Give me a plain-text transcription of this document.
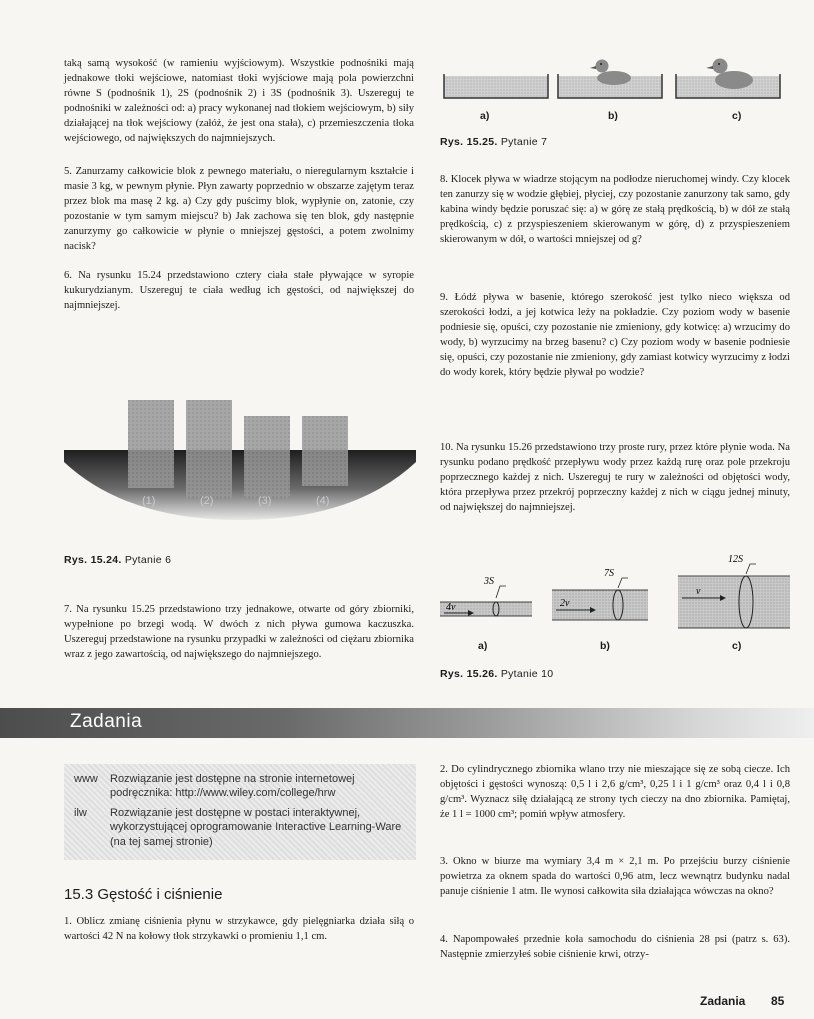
taką samą wysokość (w ramieniu wyjściowym). Wszystkie podnośniki mają jednakowe tłoki wejściowe, natomiast tłoki wyjściowe mają pola powierzchni równe S (podnośnik 1), 2S (podnośnik 2) i 3S (podnośnik 3). Uszereguj te podnośniki w zależności od: a) pracy wykonanej nad tłokiem wejściowym, b) siły działającej na tłok wejściowy (załóż, że jest ona stała), c) przemieszczenia tłoka wejściowego, od największych do najmniejszych.

5. Zanurzamy całkowicie blok z pewnego materiału, o nieregularnym kształcie i masie 3 kg, w pewnym płynie. Płyn zawarty poprzednio w obszarze zajętym teraz przez blok ma masę 2 kg. a) Czy gdy puścimy blok, wypłynie on, zatonie, czy pozostanie w tym samym miejscu? b) Jak zachowa się ten blok, gdy następnie zanurzymy go całkowicie w płynie o mniejszej gęstości, a potem zwolnimy nacisk?

6. Na rysunku 15.24 przedstawiono cztery ciała stałe pływające w syropie kukurydzianym. Uszereguj te ciała według ich gęstości, od największej do najmniejszej.

(1)	(2)	(3)	(4)
Rys. 15.24. Pytanie 6

7. Na rysunku 15.25 przedstawiono trzy jednakowe, otwarte od góry zbiorniki, wypełnione po brzegi wodą. W dwóch z nich pływa gumowa kaczuszka. Uszereguj przedstawione na rysunku przypadki w zależności od ciężaru zbiornika wraz z jego zawartością, od największego do najmniejszego.

a)	b)	c)
Rys. 15.25. Pytanie 7

8. Klocek pływa w wiadrze stojącym na podłodze nieruchomej windy. Czy klocek ten zanurzy się w wodzie głębiej, płyciej, czy pozostanie zanurzony tak samo, gdy kabina windy będzie poruszać się: a) w górę ze stałą prędkością, b) w dół ze stałą prędkością, c) z przyspieszeniem skierowanym w górę, d) z przyspieszeniem skierowanym w dół, o wartości mniejszej od g?

9. Łódź pływa w basenie, którego szerokość jest tylko nieco większa od szerokości łodzi, a jej kotwica leży na pokładzie. Czy poziom wody w basenie podniesie się, opuści, czy pozostanie nie zmieniony, gdy kotwicę: a) wrzucimy do wody, b) wyrzucimy na brzeg basenu? c) Czy poziom wody w basenie podniesie się, opuści, czy pozostanie nie zmieniony, gdy zamiast kotwicy wyrzucimy z łodzi do wody korek, który będzie pływał po wodzie?

10. Na rysunku 15.26 przedstawiono trzy proste rury, przez które płynie woda. Na rysunku podano prędkość przepływu wody przez każdą rurę oraz pole przekroju poprzecznego każdej z nich. Uszereguj te rury w zależności od objętości wody, która przepływa przez przekrój poprzeczny każdej z nich w ciągu jednej minuty, od największej do najmniejszej.

4v
3S
2v
7S
v
12S
a)	b)	c)
Rys. 15.26. Pytanie 10
Zadania
www	Rozwiązanie jest dostępne na stronie internetowej podręcznika: http://www.wiley.com/college/hrw
ilw	Rozwiązanie jest dostępne w postaci interaktywnej, wykorzystującej oprogramowanie Interactive Learning-Ware (na tej samej stronie)
15.3 Gęstość i ciśnienie

1. Oblicz zmianę ciśnienia płynu w strzykawce, gdy pielęgniarka działa siłą o wartości 42 N na kołowy tłok strzykawki o promieniu 1,1 cm.

2. Do cylindrycznego zbiornika wlano trzy nie mieszające się ze sobą ciecze. Ich objętości i gęstości wynoszą: 0,5 l i 2,6 g/cm³, 0,25 l i 1 g/cm³ oraz 0,4 l i 0,8 g/cm³. Wyznacz siłę działającą ze strony tych cieczy na dno zbiornika. Pamiętaj, że 1 l = 1000 cm³; pomiń wpływ atmosfery.

3. Okno w biurze ma wymiary 3,4 m × 2,1 m. Po przejściu burzy ciśnienie powietrza za oknem spada do wartości 0,96 atm, lecz wewnątrz budynku nadal panuje ciśnienie 1 atm. Ile wynosi całkowita siła działająca wówczas na okno?

4. Napompowałeś przednie koła samochodu do ciśnienia 28 psi (patrz s. 63). Następnie zmierzyłeś sobie ciśnienie krwi, otrzy-

Zadania 85
